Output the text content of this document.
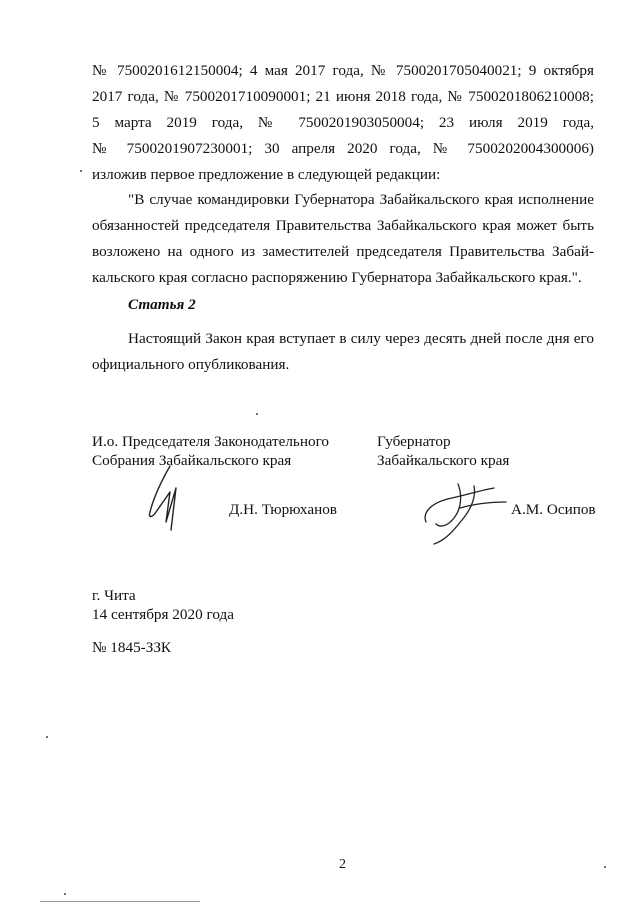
№ 7500201612150004; 4 мая 2017 года, № 7500201705040021; 9 октября
2017 года, № 7500201710090001; 21 июня 2018 года, № 7500201806210008;
5 марта 2019 года, № 7500201903050004; 23 июля 2019 года,
№ 7500201907230001; 30 апреля 2020 года, № 7500202004300006)
изложив первое предложение в следующей редакции:
"В случае командировки Губернатора Забайкальского края исполнение
обязанностей председателя Правительства Забайкальского края может быть
возложено на одного из заместителей председателя Правительства Забай-
кальского края согласно распоряжению Губернатора Забайкальского края.".
Статья 2
Настоящий Закон края вступает в силу через десять дней после дня его
официального опубликования.
И.о. Председателя Законодательного
Собрания Забайкальского края
Губернатор
Забайкальского края
Д.Н. Тюрюханов	А.М. Осипов
г. Чита
14 сентября 2020 года
№ 1845-ЗЗК
2
